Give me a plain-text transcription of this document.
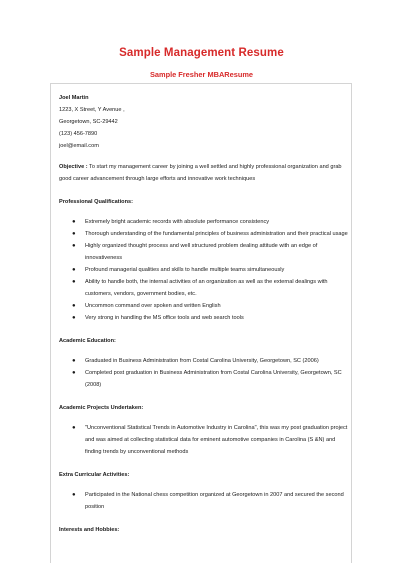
Sample Management Resume
Sample Fresher MBAResume
Joel Martin
1223, X Street, Y Avenue ,
Georgetown, SC-29442
(123) 456-7890
joel@email.com
Objective : To start my management career by joining a well settled and highly professional organization and grab good career advancement through large efforts and innovative work techniques
Professional Qualifications:
● Extremely bright academic records with absolute performance consistency
● Thorough understanding of the fundamental principles of business administration and their practical usage
● Highly organized thought process and well structured problem dealing attitude with an edge of innovativeness
● Profound managerial qualities and skills to handle multiple teams simultaneously
● Ability to handle both, the internal activities of an organization as well as the external dealings with customers, vendors, government bodies, etc.
● Uncommon command over spoken and written English
● Very strong in handling the MS office tools and web search tools
Academic Education:
● Graduated in Business Administration from Costal Carolina University, Georgetown, SC (2006)
● Completed post graduation in Business Administration from Costal Carolina University, Georgetown, SC (2008)
Academic Projects Undertaken:
● "Unconventional Statistical Trends in Automotive Industry in Carolina", this was my post graduation project and was aimed at collecting statistical data for eminent automotive companies in Carolina (S &N) and finding trends by unconventional methods
Extra Curricular Activities:
● Participated in the National chess competition organized at Georgetown in 2007 and secured the second position
Interests and Hobbies:
